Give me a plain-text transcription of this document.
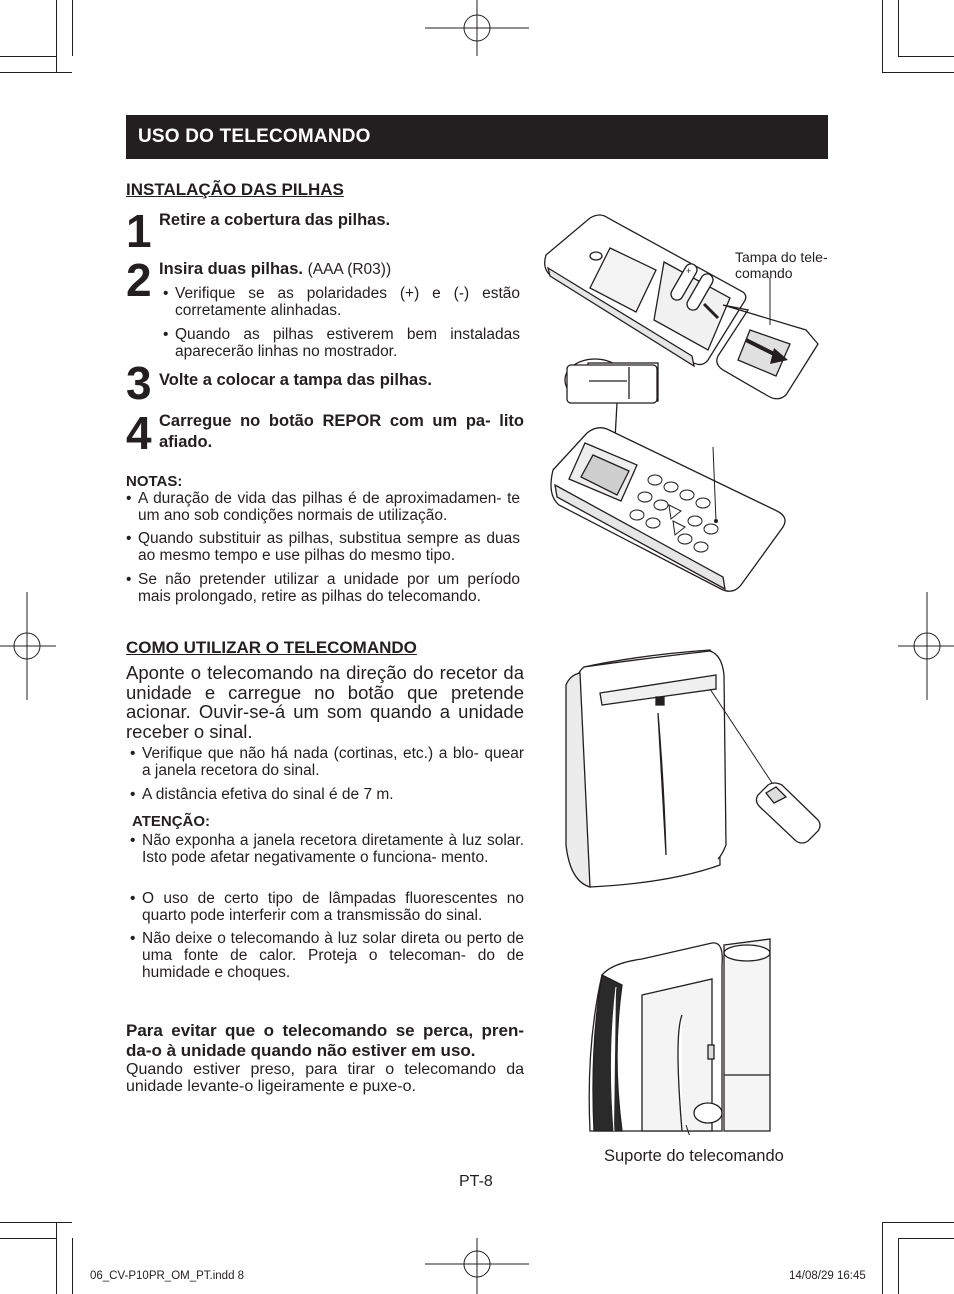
USO DO TELECOMANDO
INSTALAÇÃO DAS PILHAS
1 Retire a cobertura das pilhas.
2 Insira duas pilhas. (AAA (R03))
• Verifique se as polaridades (+) e (-) estão corretamente alinhadas.
• Quando as pilhas estiverem bem instaladas aparecerão linhas no mostrador.
3 Volte a colocar a tampa das pilhas.
4 Carregue no botão REPOR com um pa- lito afiado.
NOTAS:
• A duração de vida das pilhas é de aproximadamen- te um ano sob condições normais de utilização.
• Quando substituir as pilhas, substitua sempre as duas ao mesmo tempo e use pilhas do mesmo tipo.
• Se não pretender utilizar a unidade por um período mais prolongado, retire as pilhas do telecomando.
COMO UTILIZAR O TELECOMANDO
Aponte o telecomando na direção do recetor da unidade e carregue no botão que pretende acionar. Ouvir-se-á um som quando a unidade receber o sinal.
• Verifique que não há nada (cortinas, etc.) a blo- quear a janela recetora do sinal.
• A distância efetiva do sinal é de 7 m.
ATENÇÃO:
• Não exponha a janela recetora diretamente à luz solar. Isto pode afetar negativamente o funciona- mento.
• O uso de certo tipo de lâmpadas fluorescentes no quarto pode interferir com a transmissão do sinal.
• Não deixe o telecomando à luz solar direta ou perto de uma fonte de calor. Proteja o telecoman- do de humidade e choques.
Para evitar que o telecomando se perca, pren- da-o à unidade quando não estiver em uso.
Quando estiver preso, para tirar o telecomando da unidade levante-o ligeiramente e puxe-o.
+
Tampa do tele- comando
Suporte do telecomando
PT-8
06_CV-P10PR_OM_PT.indd 8	14/08/29 16:45
